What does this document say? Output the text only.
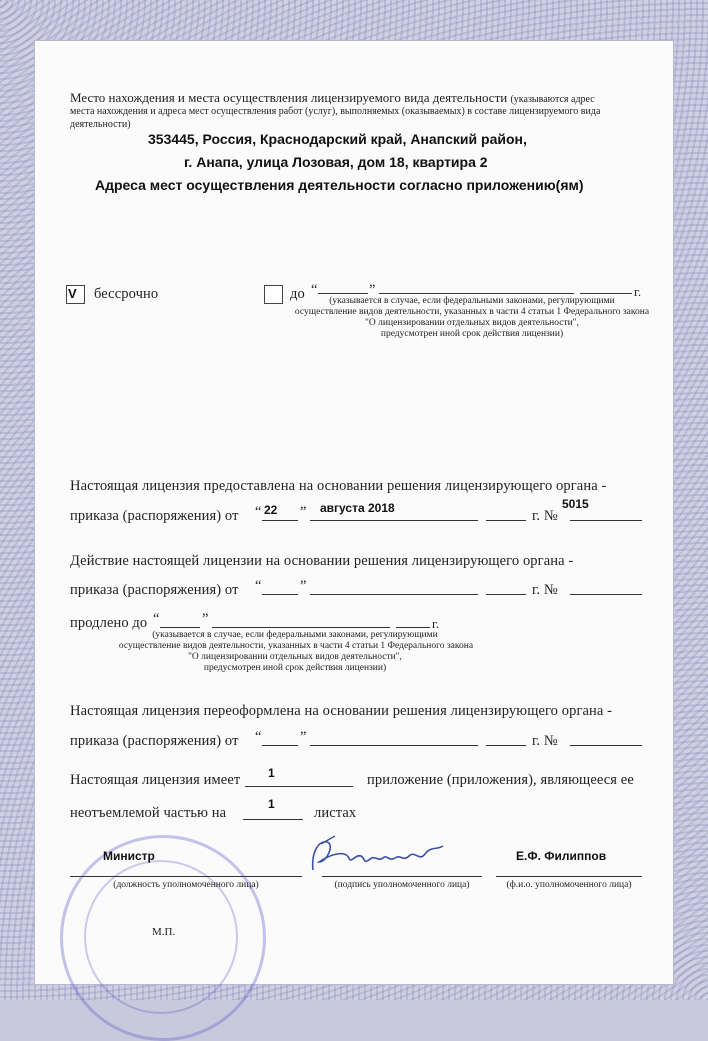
Место нахождения и места осуществления лицензируемого вида деятельности (указываются адрес
места нахождения и адреса мест осуществления работ (услуг), выполняемых (оказываемых) в составе лицензируемого вида
деятельности)
353445, Россия, Краснодарский край, Анапский район,
г. Анапа, улица Лозовая, дом 18, квартира 2
Адреса мест осуществления деятельности согласно приложению(ям)
V бессрочно	до “	”	г.
(указывается в случае, если федеральными законами, регулирующими
осуществление видов деятельности, указанных в части 4 статьи 1 Федерального закона
"О лицензировании отдельных видов деятельности",
предусмотрен иной срок действия лицензии)
Настоящая лицензия предоставлена на основании решения лицензирующего органа -
приказа (распоряжения) от “ 22 ” августа 2018	г. №
5015
Действие настоящей лицензии на основании решения лицензирующего органа -
приказа (распоряжения) от “	”	г. №
продлено до “	”	г.
(указывается в случае, если федеральными законами, регулирующими
осуществление видов деятельности, указанных в части 4 статьи 1 Федерального закона
"О лицензировании отдельных видов деятельности",
предусмотрен иной срок действия лицензии)
Настоящая лицензия переоформлена на основании решения лицензирующего органа -
приказа (распоряжения) от “	”	г. №
Настоящая лицензия имеет 1	приложение (приложения), являющееся ее
неотъемлемой частью на
1
листах
Министр
(должность уполномоченного лица)	(подпись уполномоченного лица)
Е.Ф. Филиппов
(ф.и.о. уполномоченного лица)
М.П.
